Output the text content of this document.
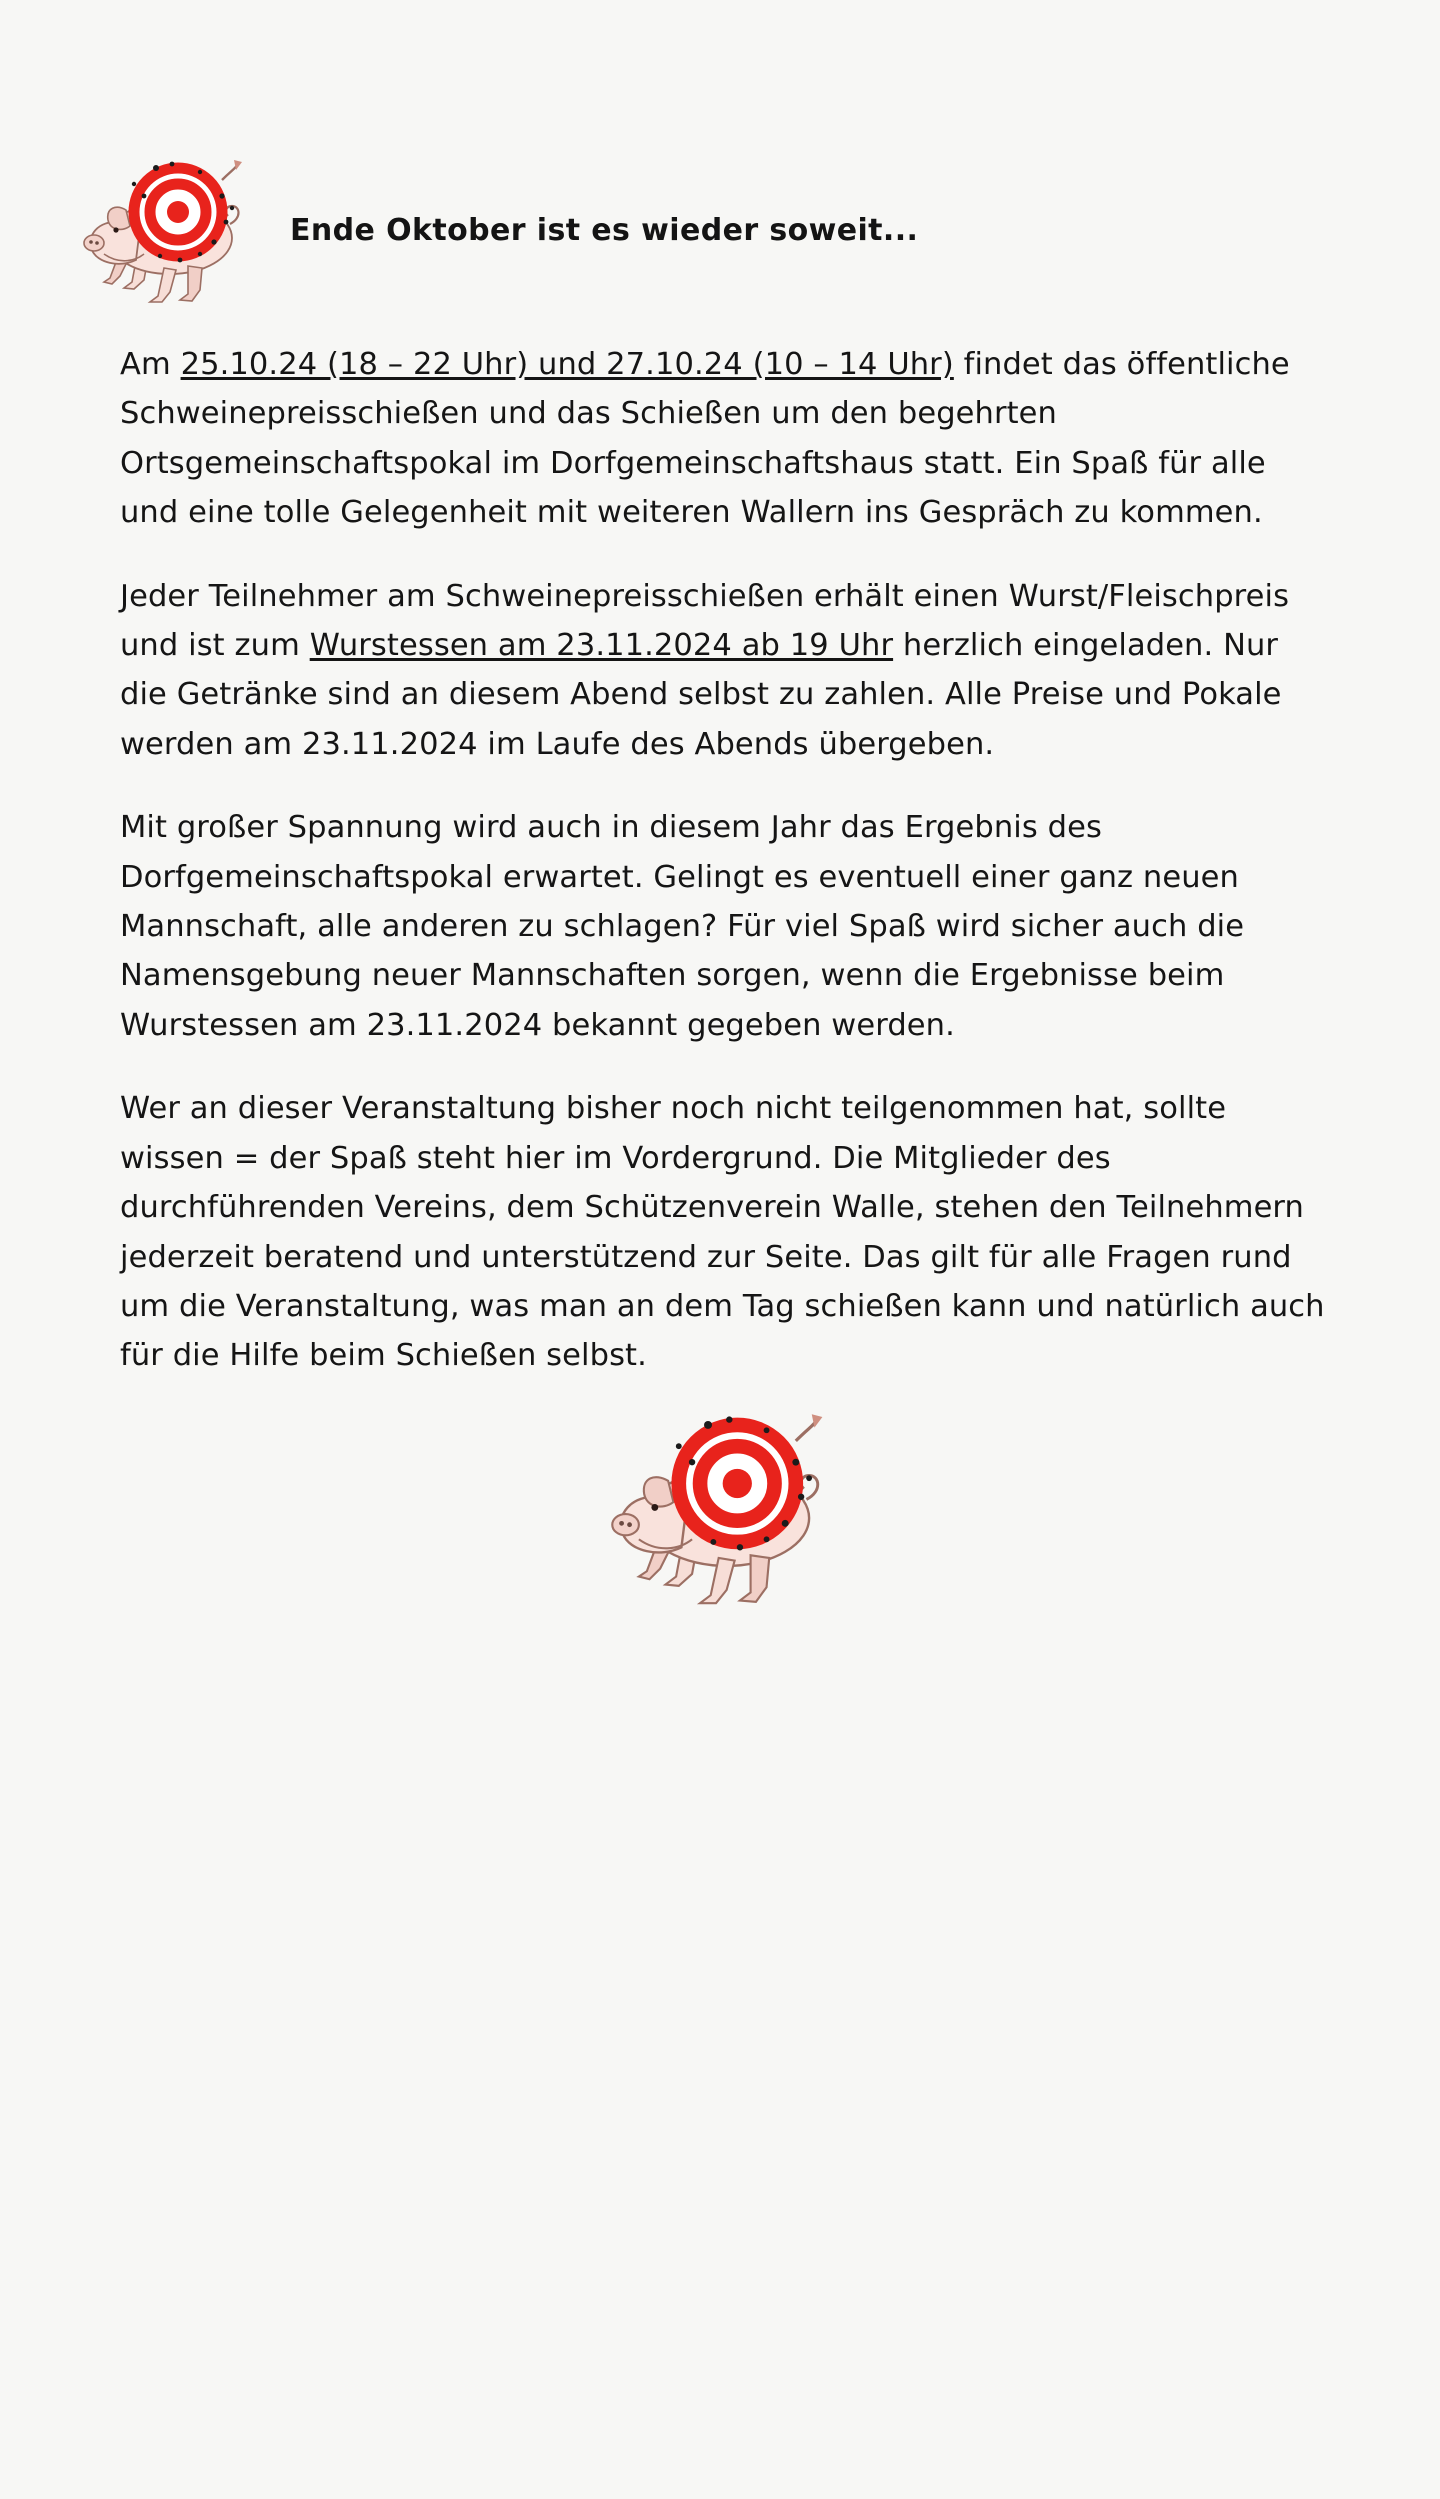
Ende Oktober ist es wieder soweit...

Am 25.10.24 (18 – 22 Uhr) und 27.10.24 (10 – 14 Uhr) findet das öffentliche Schweinepreisschießen und das Schießen um den begehrten Ortsgemeinschaftspokal im Dorfgemeinschaftshaus statt. Ein Spaß für alle und eine tolle Gelegenheit mit weiteren Wallern ins Gespräch zu kommen.

Jeder Teilnehmer am Schweinepreisschießen erhält einen Wurst/Fleischpreis und ist zum Wurstessen am 23.11.2024 ab 19 Uhr herzlich eingeladen. Nur die Getränke sind an diesem Abend selbst zu zahlen. Alle Preise und Pokale werden am 23.11.2024 im Laufe des Abends übergeben.

Mit großer Spannung wird auch in diesem Jahr das Ergebnis des Dorfgemeinschaftspokal erwartet. Gelingt es eventuell einer ganz neuen Mannschaft, alle anderen zu schlagen? Für viel Spaß wird sicher auch die Namensgebung neuer Mannschaften sorgen, wenn die Ergebnisse beim Wurstessen am 23.11.2024 bekannt gegeben werden.

Wer an dieser Veranstaltung bisher noch nicht teilgenommen hat, sollte wissen = der Spaß steht hier im Vordergrund. Die Mitglieder des durchführenden Vereins, dem Schützenverein Walle, stehen den Teilnehmern jederzeit beratend und unterstützend zur Seite. Das gilt für alle Fragen rund um die Veranstaltung, was man an dem Tag schießen kann und natürlich auch für die Hilfe beim Schießen selbst.
